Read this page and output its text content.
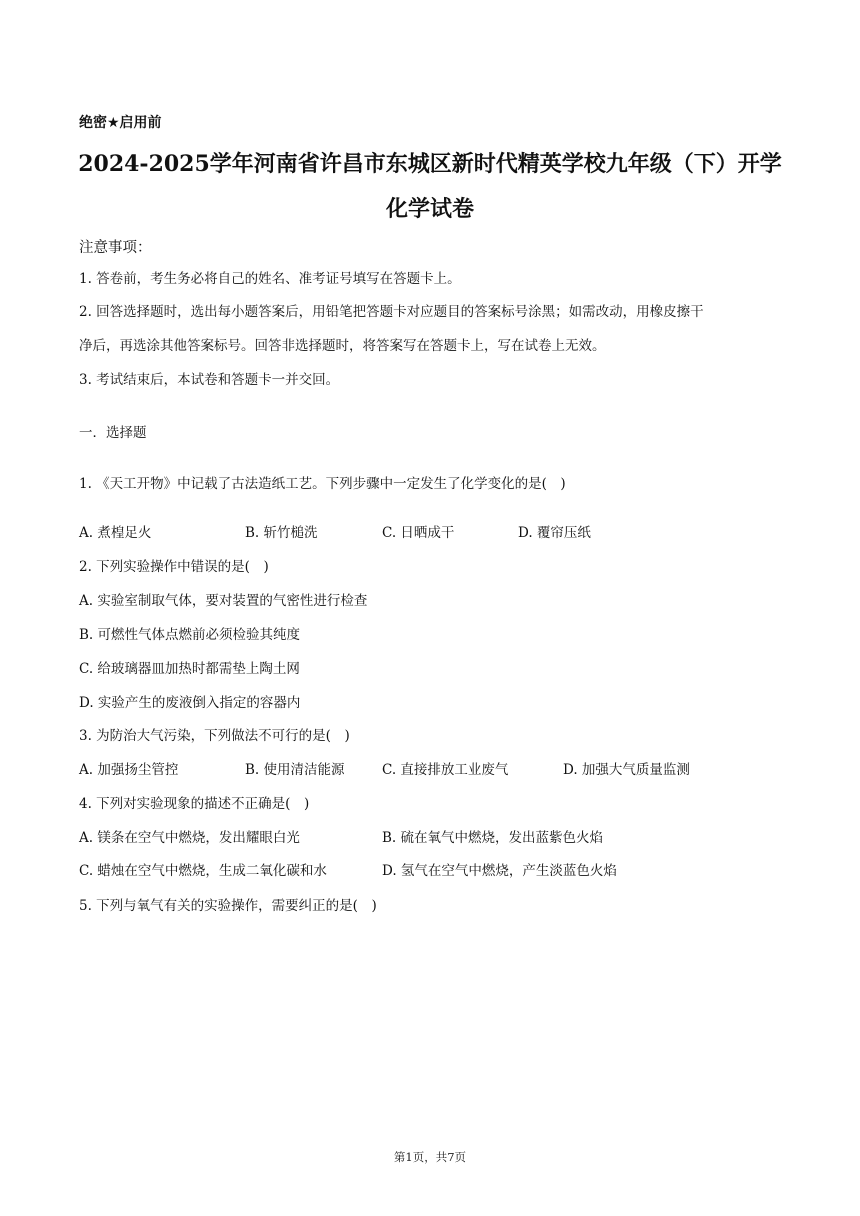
绝密★启用前
2024-2025学年河南省许昌市东城区新时代精英学校九年级（下）开学
化学试卷
注意事项：
1. 答卷前，考生务必将自己的姓名、准考证号填写在答题卡上。
2. 回答选择题时，选出每小题答案后，用铅笔把答题卡对应题目的答案标号涂黑；如需改动，用橡皮擦干
净后，再选涂其他答案标号。回答非选择题时，将答案写在答题卡上，写在试卷上无效。
3. 考试结束后，本试卷和答题卡一并交回。
一．选择题
1. 《天工开物》中记载了古法造纸工艺。下列步骤中一定发生了化学变化的是(　)
A. 煮楻足火	B. 斩竹槌洗	C. 日晒成干	D. 覆帘压纸
2. 下列实验操作中错误的是(　)
A. 实验室制取气体，要对装置的气密性进行检查
B. 可燃性气体点燃前必须检验其纯度
C. 给玻璃器皿加热时都需垫上陶土网
D. 实验产生的废液倒入指定的容器内
3. 为防治大气污染，下列做法不可行的是(　)
A. 加强扬尘管控	B. 使用清洁能源	C. 直接排放工业废气	D. 加强大气质量监测
4. 下列对实验现象的描述不正确是(　)
A. 镁条在空气中燃烧，发出耀眼白光	B. 硫在氧气中燃烧，发出蓝紫色火焰
C. 蜡烛在空气中燃烧，生成二氧化碳和水	D. 氢气在空气中燃烧，产生淡蓝色火焰
5. 下列与氧气有关的实验操作，需要纠正的是(　)
第1页，共7页
